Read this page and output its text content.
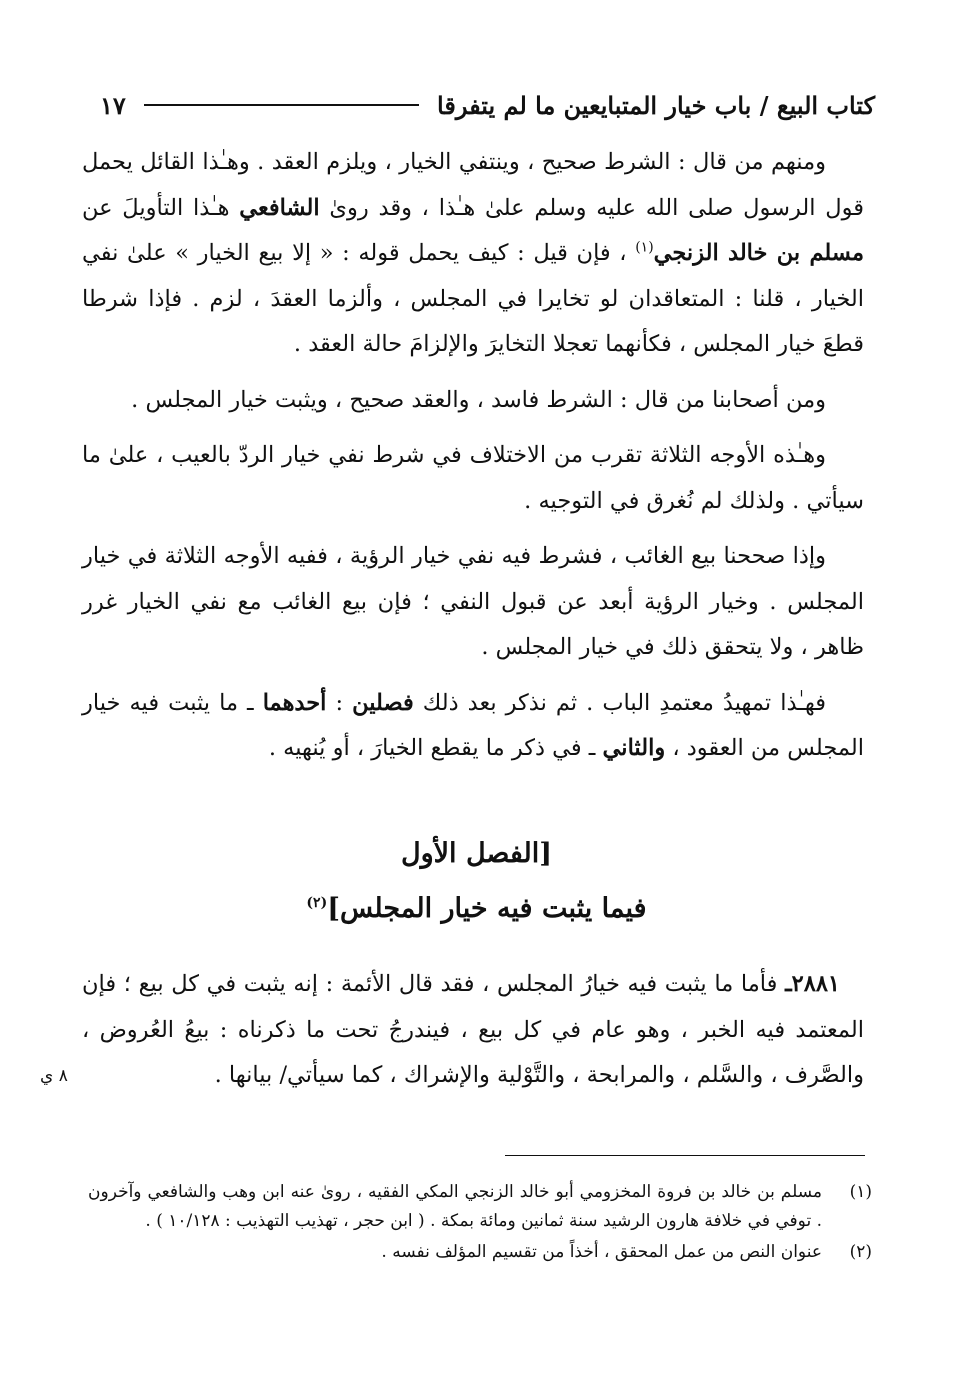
كتاب البيع / باب خيار المتبايعين ما لم يتفرقا
١٧

ومنهم من قال : الشرط صحيح ، وينتفي الخيار ، ويلزم العقد . وهـٰذا القائل يحمل قول الرسول صلى الله عليه وسلم علىٰ هـٰذا ، وقد روىٰ الشافعي هـٰذا التأويلَ عن مسلم بن خالد الزنجي$^{(١)}$ ، فإن قيل : كيف يحمل قوله : « إلا بيع الخيار » علىٰ نفي الخيار ، قلنا : المتعاقدان لو تخايرا في المجلس ، وألزما العقدَ ، لزم . فإذا شرطا قطعَ خيار المجلس ، فكأنهما تعجلا التخايرَ والإلزامَ حالة العقد .

ومن أصحابنا من قال : الشرط فاسد ، والعقد صحيح ، ويثبت خيار المجلس .

وهـٰذه الأوجه الثلاثة تقرب من الاختلاف في شرط نفي خيار الردّ بالعيب ، علىٰ ما سيأتي . ولذلك لم نُغرق في التوجيه .

وإذا صححنا بيع الغائب ، فشرط فيه نفي خيار الرؤية ، ففيه الأوجه الثلاثة في خيار المجلس . وخيار الرؤية أبعد عن قبول النفي ؛ فإن بيع الغائب مع نفي الخيار غرر ظاهر ، ولا يتحقق ذلك في خيار المجلس .

فهـٰذا تمهيدُ معتمدِ الباب . ثم نذكر بعد ذلك فصلين : أحدهما ـ ما يثبت فيه خيار المجلس من العقود ، والثاني ـ في ذكر ما يقطع الخيارَ ، أو يُنهيه .

[الفصل الأول
فيما يثبت فيه خيار المجلس]$^{(٢)}$

٢٨٨١ـ فأما ما يثبت فيه خيارُ المجلس ، فقد قال الأئمة : إنه يثبت في كل بيع ؛ فإن المعتمد فيه الخبر ، وهو عام في كل بيع ، فيندرجُ تحت ما ذكرناه : بيعُ العُروض ، والصَّرف ، والسَّلم ، والمرابحة ، والتَّوْلية والإشراك ، كما سيأتي/ بيانها .

٨ ي
(١)
مسلم بن خالد بن فروة المخزومي أبو خالد الزنجي المكي الفقيه ، روىٰ عنه ابن وهب والشافعي وآخرون . توفي في خلافة هارون الرشيد سنة ثمانين ومائة بمكة . ( ابن حجر ، تهذيب التهذيب : ١٠/١٢٨ ) .
(٢)
عنوان النص من عمل المحقق ، أخذاً من تقسيم المؤلف نفسه .
